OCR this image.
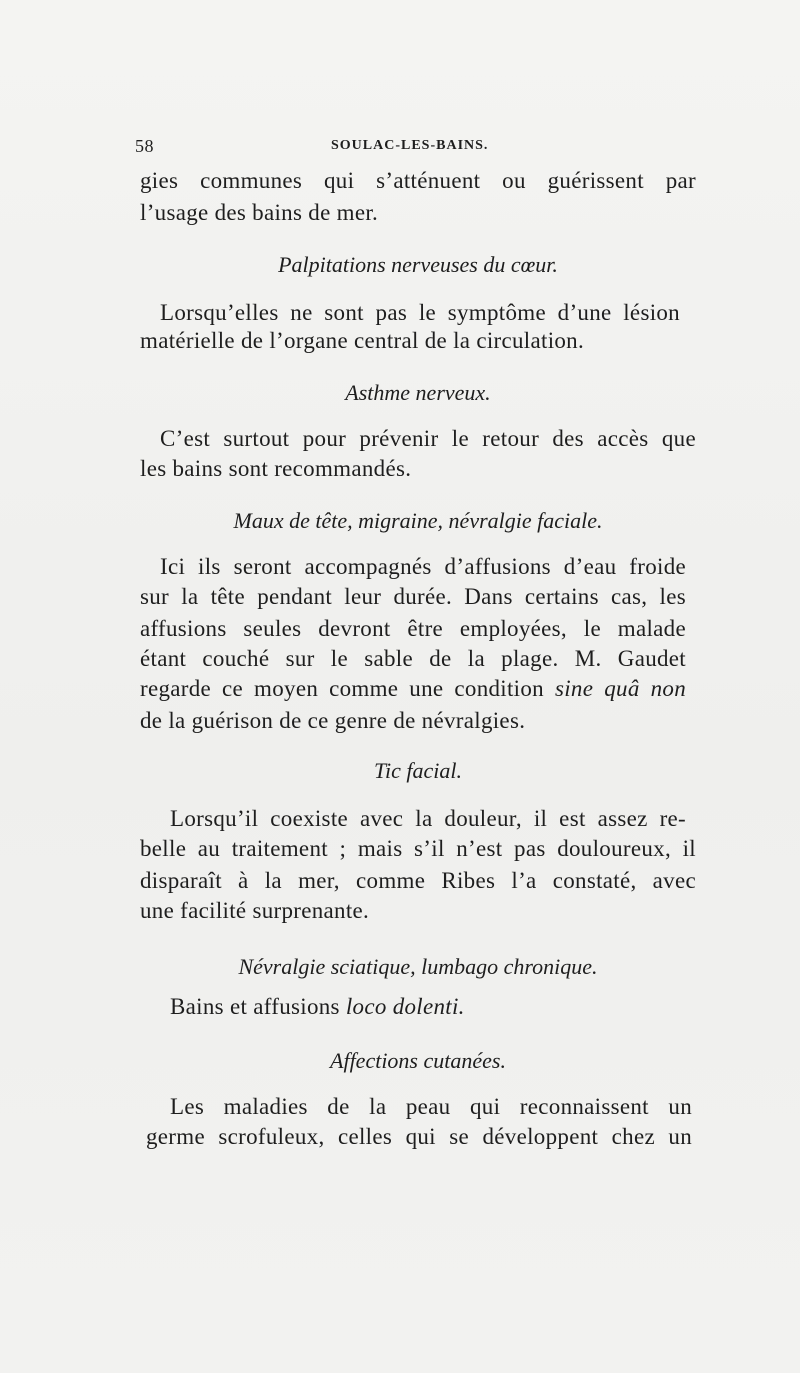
58	SOULAC-LES-BAINS.
gies communes qui s’atténuent ou guérissent par
l’usage des bains de mer.
Palpitations nerveuses du cœur.
Lorsqu’elles ne sont pas le symptôme d’une lésion
matérielle de l’organe central de la circulation.
Asthme nerveux.
C’est surtout pour prévenir le retour des accès que
les bains sont recommandés.
Maux de tête, migraine, névralgie faciale.
Ici ils seront accompagnés d’affusions d’eau froide
sur la tête pendant leur durée. Dans certains cas, les
affusions seules devront être employées, le malade
étant couché sur le sable de la plage. M. Gaudet
regarde ce moyen comme une condition sine quâ non
de la guérison de ce genre de névralgies.
Tic facial.
Lorsqu’il coexiste avec la douleur, il est assez re-
belle au traitement ; mais s’il n’est pas douloureux, il
disparaît à la mer, comme Ribes l’a constaté, avec
une facilité surprenante.
Névralgie sciatique, lumbago chronique.
Bains et affusions loco dolenti.
Affections cutanées.
Les maladies de la peau qui reconnaissent un
germe scrofuleux, celles qui se développent chez un
